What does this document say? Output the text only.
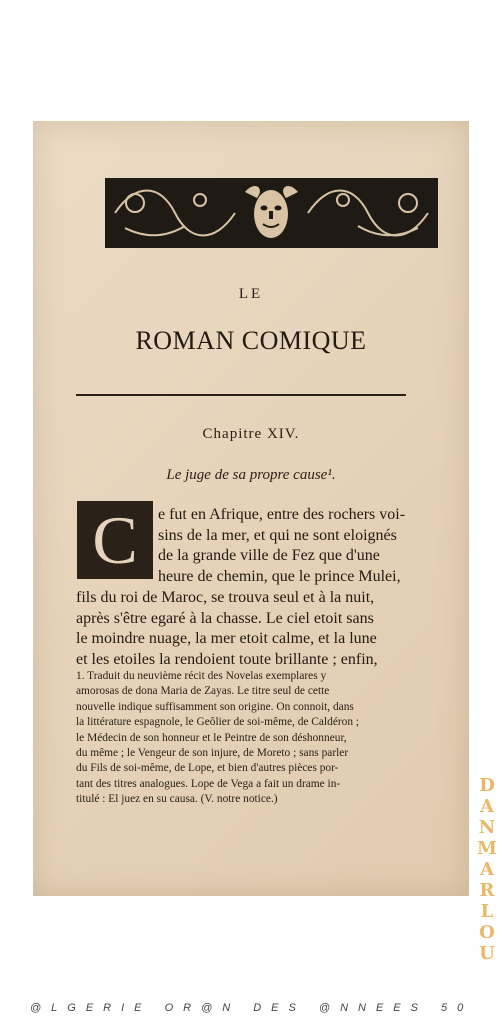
LE
ROMAN COMIQUE
Chapitre XIV.
Le juge de sa propre cause¹.
C	e fut en Afrique, entre des rochers voi-
sins de la mer, et qui ne sont eloignés
de la grande ville de Fez que d'une
heure de chemin, que le prince Mulei,
fils du roi de Maroc, se trouva seul et à la nuit,
après s'être egaré à la chasse. Le ciel etoit sans
le moindre nuage, la mer etoit calme, et la lune
et les etoiles la rendoient toute brillante ; enfin,
1. Traduit du neuvième récit des Novelas exemplares y
amorosas de dona Maria de Zayas. Le titre seul de cette
nouvelle indique suffisamment son origine. On connoit, dans
la littérature espagnole, le Geôlier de soi-même, de Caldéron ;
le Médecin de son honneur et le Peintre de son déshonneur,
du même ; le Vengeur de son injure, de Moreto ; sans parler
du Fils de soi-même, de Lope, et bien d'autres pièces por-
tant des titres analogues. Lope de Vega a fait un drame in-
titulé : El juez en su causa. (V. notre notice.)
D
A
N
M
A
R
L
O
U
@LGERIE OR@N DES @NNEES 50
